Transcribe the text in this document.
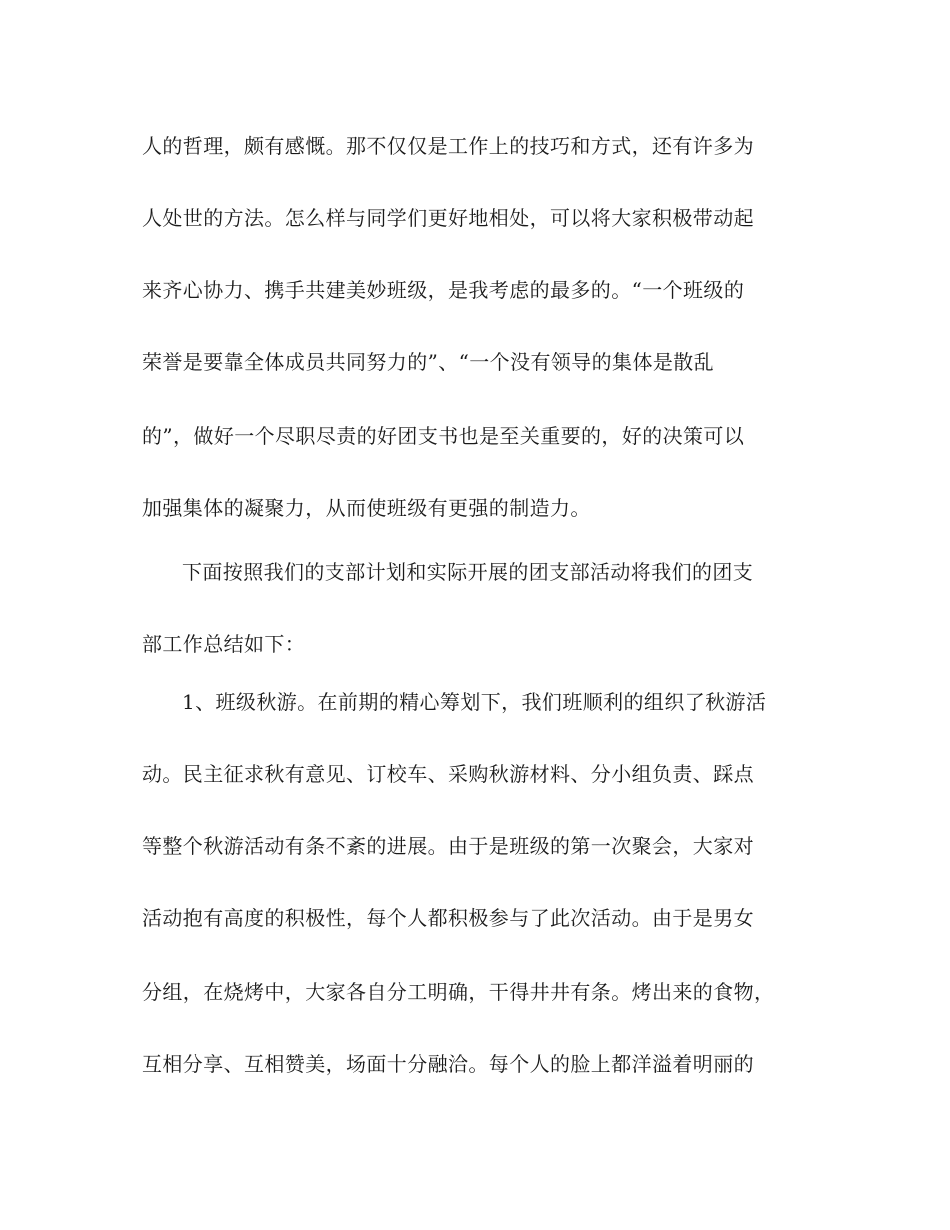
人的哲理，颇有感慨。那不仅仅是工作上的技巧和方式，还有许多为
人处世的方法。怎么样与同学们更好地相处，可以将大家积极带动起
来齐心协力、携手共建美妙班级，是我考虑的最多的。“一个班级的
荣誉是要靠全体成员共同努力的”、“一个没有领导的集体是散乱
的”，做好一个尽职尽责的好团支书也是至关重要的，好的决策可以
加强集体的凝聚力，从而使班级有更强的制造力。
下面按照我们的支部计划和实际开展的团支部活动将我们的团支
部工作总结如下：
1、班级秋游。在前期的精心筹划下，我们班顺利的组织了秋游活
动。民主征求秋有意见、订校车、采购秋游材料、分小组负责、踩点
等整个秋游活动有条不紊的进展。由于是班级的第一次聚会，大家对
活动抱有高度的积极性，每个人都积极参与了此次活动。由于是男女
分组，在烧烤中，大家各自分工明确，干得井井有条。烤出来的食物，
互相分享、互相赞美，场面十分融洽。每个人的脸上都洋溢着明丽的
